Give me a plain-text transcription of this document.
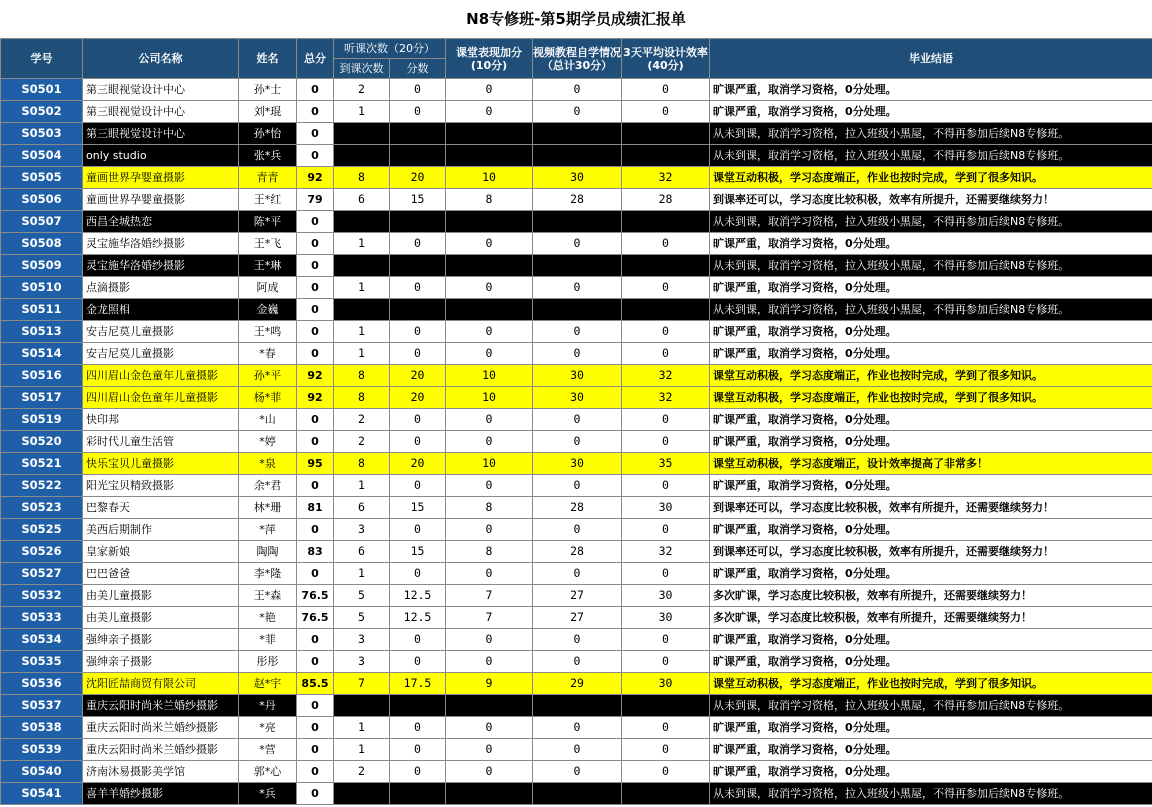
N8专修班-第5期学员成绩汇报单
学号	公司名称	姓名	总分	听课次数（20分）		课堂表现加分(10分)	视频教程自学情况（总计30分）	3天平均设计效率(40分)	毕业结语
				到课次数	分数				
S0501	第三眼视觉设计中心	孙*士	0	2	0	0	0	0	旷课严重，取消学习资格，0分处理。
S0502	第三眼视觉设计中心	刘*琨	0	1	0	0	0	0	旷课严重，取消学习资格，0分处理。
S0503	第三眼视觉设计中心	孙*怡	0	0	0	0	0	0	从未到课，取消学习资格，拉入班级小黑屋，不得再参加后续N8专修班。
S0504	only studio	张*兵	0	0	0	0	0	0	从未到课，取消学习资格，拉入班级小黑屋，不得再参加后续N8专修班。
S0505	童画世界孕婴童摄影	青青	92	8	20	10	30	32	课堂互动积极，学习态度端正，作业也按时完成，学到了很多知识。
S0506	童画世界孕婴童摄影	王*红	79	6	15	8	28	28	到课率还可以，学习态度比较积极，效率有所提升，还需要继续努力！
S0507	西昌全城热恋	陈*平	0	0	0	0	0	0	从未到课，取消学习资格，拉入班级小黑屋，不得再参加后续N8专修班。
S0508	灵宝施华洛婚纱摄影	王*飞	0	1	0	0	0	0	旷课严重，取消学习资格，0分处理。
S0509	灵宝施华洛婚纱摄影	王*琳	0	0	0	0	0	0	从未到课，取消学习资格，拉入班级小黑屋，不得再参加后续N8专修班。
S0510	点滴摄影	阿成	0	1	0	0	0	0	旷课严重，取消学习资格，0分处理。
S0511	金龙照相	金巍	0	0	0	0	0	0	从未到课，取消学习资格，拉入班级小黑屋，不得再参加后续N8专修班。
S0513	安吉尼莫儿童摄影	王*鸣	0	1	0	0	0	0	旷课严重，取消学习资格，0分处理。
S0514	安吉尼莫儿童摄影	*春	0	1	0	0	0	0	旷课严重，取消学习资格，0分处理。
S0516	四川眉山金色童年儿童摄影	孙*平	92	8	20	10	30	32	课堂互动积极，学习态度端正，作业也按时完成，学到了很多知识。
S0517	四川眉山金色童年儿童摄影	杨*菲	92	8	20	10	30	32	课堂互动积极，学习态度端正，作业也按时完成，学到了很多知识。
S0519	快印邦	*山	0	2	0	0	0	0	旷课严重，取消学习资格，0分处理。
S0520	彩时代儿童生活管	*婷	0	2	0	0	0	0	旷课严重，取消学习资格，0分处理。
S0521	快乐宝贝儿童摄影	*泉	95	8	20	10	30	35	课堂互动积极，学习态度端正，设计效率提高了非常多！
S0522	阳光宝贝精致摄影	余*君	0	1	0	0	0	0	旷课严重，取消学习资格，0分处理。
S0523	巴黎春天	林*珊	81	6	15	8	28	30	到课率还可以，学习态度比较积极，效率有所提升，还需要继续努力！
S0525	美西后期制作	*萍	0	3	0	0	0	0	旷课严重，取消学习资格，0分处理。
S0526	皇家新娘	陶陶	83	6	15	8	28	32	到课率还可以，学习态度比较积极，效率有所提升，还需要继续努力！
S0527	巴巴爸爸	李*隆	0	1	0	0	0	0	旷课严重，取消学习资格，0分处理。
S0532	由美儿童摄影	王*森	76.5	5	12.5	7	27	30	多次旷课，学习态度比较积极，效率有所提升，还需要继续努力！
S0533	由美儿童摄影	*艳	76.5	5	12.5	7	27	30	多次旷课，学习态度比较积极，效率有所提升，还需要继续努力！
S0534	强绅亲子摄影	*菲	0	3	0	0	0	0	旷课严重，取消学习资格，0分处理。
S0535	强绅亲子摄影	彤彤	0	3	0	0	0	0	旷课严重，取消学习资格，0分处理。
S0536	沈阳匠喆商贸有限公司	赵*宇	85.5	7	17.5	9	29	30	课堂互动积极，学习态度端正，作业也按时完成，学到了很多知识。
S0537	重庆云阳时尚米兰婚纱摄影	*丹	0	0	0	0	0	0	从未到课，取消学习资格，拉入班级小黑屋，不得再参加后续N8专修班。
S0538	重庆云阳时尚米兰婚纱摄影	*亮	0	1	0	0	0	0	旷课严重，取消学习资格，0分处理。
S0539	重庆云阳时尚米兰婚纱摄影	*营	0	1	0	0	0	0	旷课严重，取消学习资格，0分处理。
S0540	济南沐易摄影美学馆	郭*心	0	2	0	0	0	0	旷课严重，取消学习资格，0分处理。
S0541	喜羊羊婚纱摄影	*兵	0	0	0	0	0	0	从未到课，取消学习资格，拉入班级小黑屋，不得再参加后续N8专修班。
